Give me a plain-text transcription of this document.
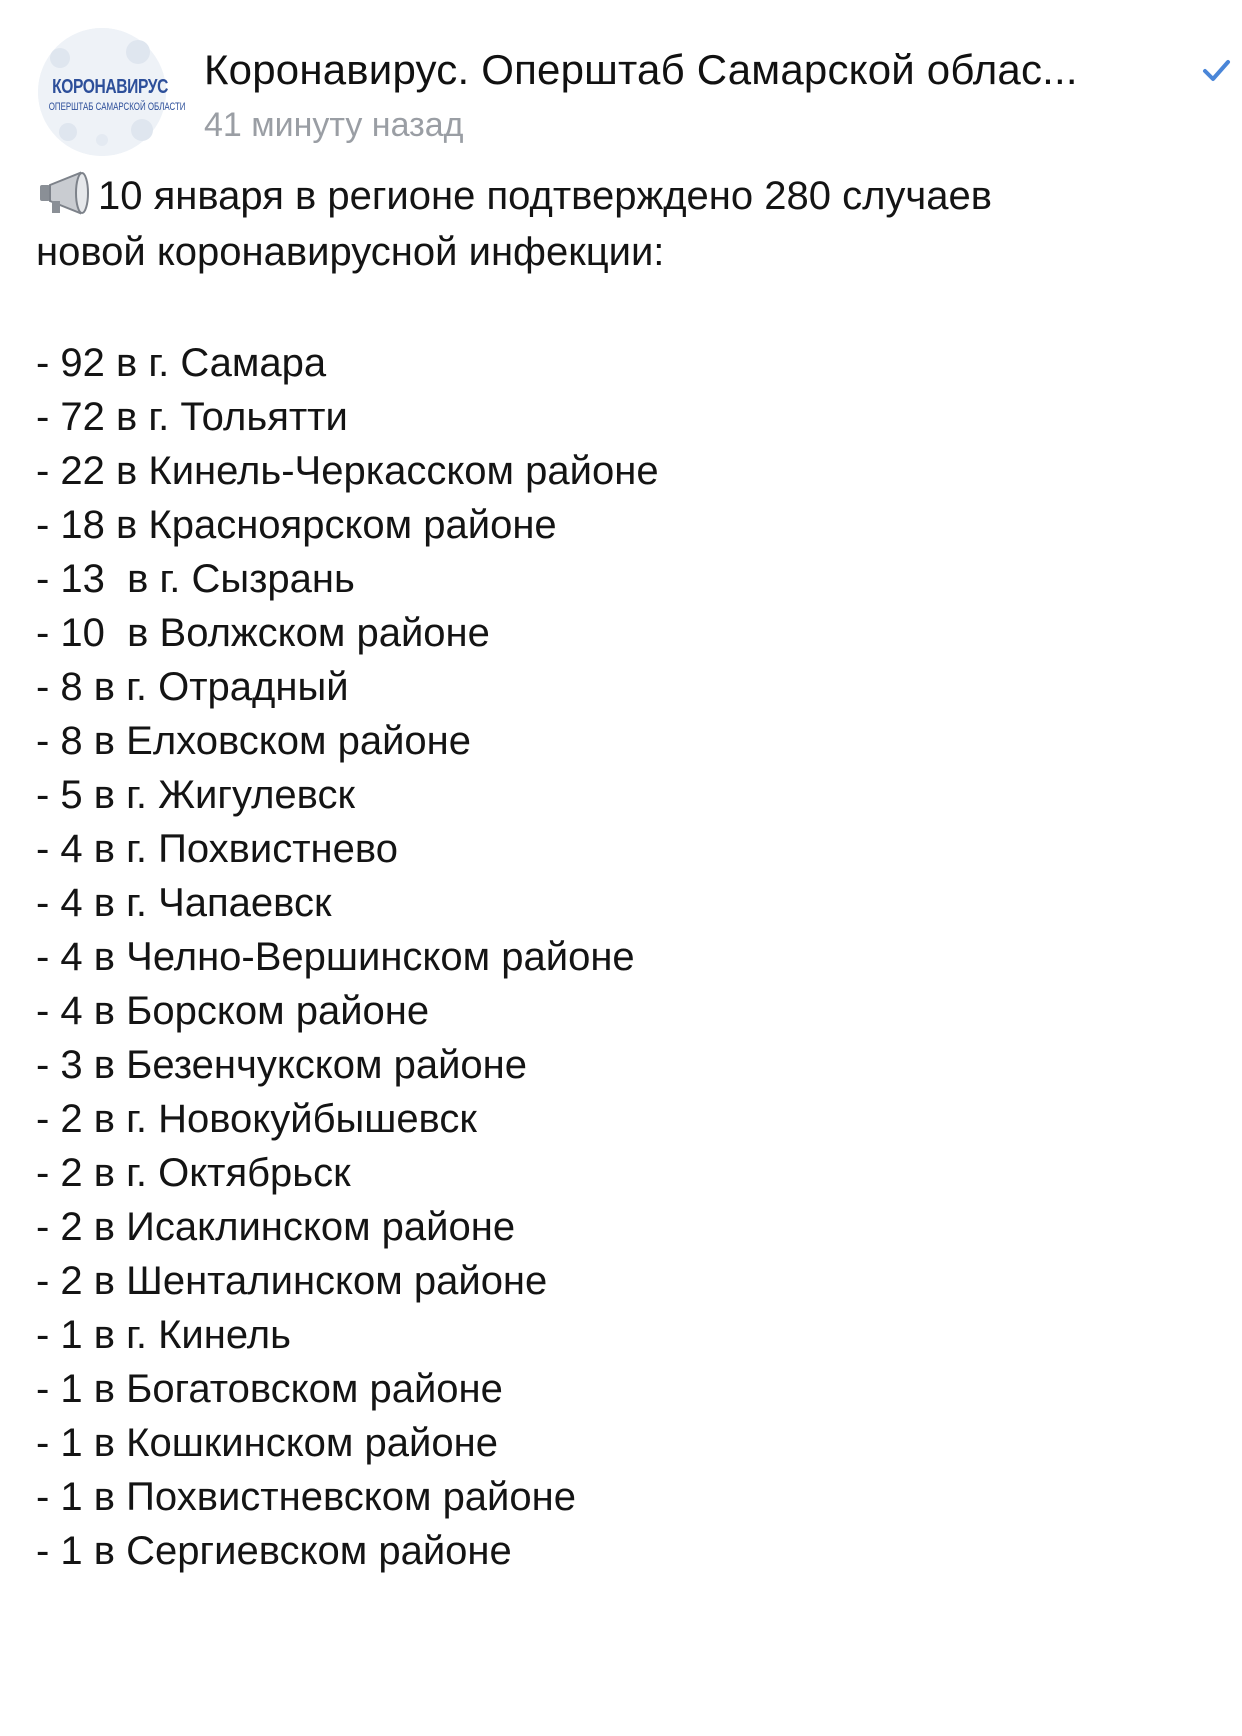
КОРОНАВИРУС
ОПЕРШТАБ САМАРСКОЙ ОБЛАСТИ
Коронавирус. Оперштаб Самарской облас...
41 минуту назад
10 января в регионе подтверждено 280 случаев
новой коронавирусной инфекции:
- 92 в г. Самара
- 72 в г. Тольятти
- 22 в Кинель-Черкасском районе
- 18 в Красноярском районе
- 13  в г. Сызрань
- 10  в Волжском районе
- 8 в г. Отрадный
- 8 в Елховском районе
- 5 в г. Жигулевск
- 4 в г. Похвистнево
- 4 в г. Чапаевск
- 4 в Челно-Вершинском районе
- 4 в Борском районе
- 3 в Безенчукском районе
- 2 в г. Новокуйбышевск
- 2 в г. Октябрьск
- 2 в Исаклинском районе
- 2 в Шенталинском районе
- 1 в г. Кинель
- 1 в Богатовском районе
- 1 в Кошкинском районе
- 1 в Похвистневском районе
- 1 в Сергиевском районе
